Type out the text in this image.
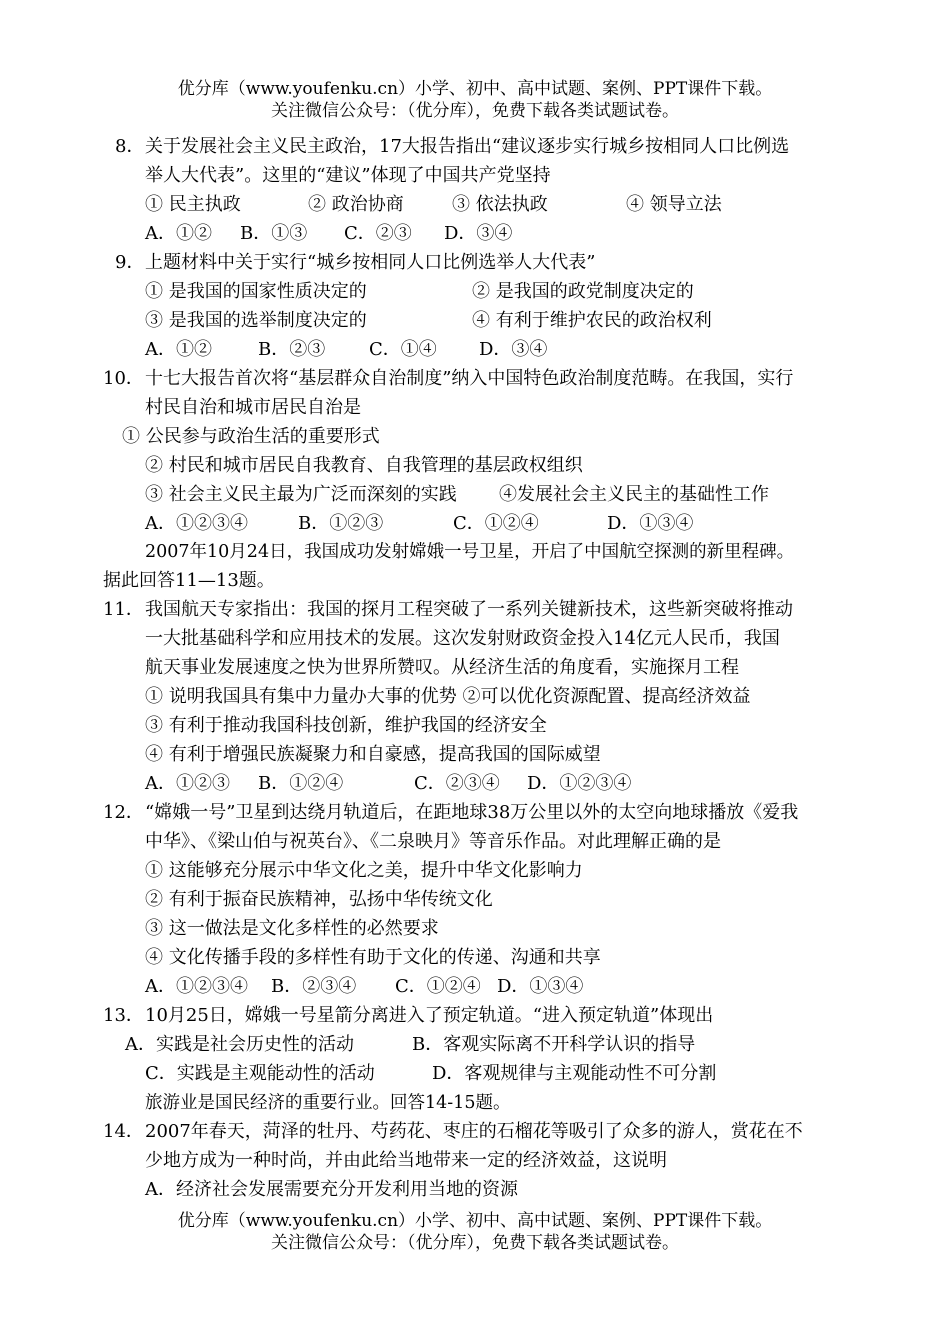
优分库（www.youfenku.cn）小学、初中、高中试题、案例、PPT课件下载。
关注微信公众号：（优分库），免费下载各类试题试卷。
8． 关于发展社会主义民主政治，17大报告指出“建议逐步实行城乡按相同人口比例选
举人大代表”。这里的“建议”体现了中国共产党坚持
① 民主执政	② 政治协商	③ 依法执政	④ 领导立法
A．①② B．①③ C．②③ D．③④
9． 上题材料中关于实行“城乡按相同人口比例选举人大代表”
① 是我国的国家性质决定的	② 是我国的政党制度决定的
③ 是我国的选举制度决定的	④ 有利于维护农民的政治权利
A．①②	B．②③ C．①④ D．③④
10． 十七大报告首次将“基层群众自治制度”纳入中国特色政治制度范畴。在我国，实行
村民自治和城市居民自治是
① 公民参与政治生活的重要形式
② 村民和城市居民自我教育、自我管理的基层政权组织
③ 社会主义民主最为广泛而深刻的实践 ④发展社会主义民主的基础性工作
A．①②③④	B．①②③	C．①②④	D．①③④
2007年10月24日，我国成功发射嫦娥一号卫星，开启了中国航空探测的新里程碑。
据此回答11—13题。
11． 我国航天专家指出：我国的探月工程突破了一系列关键新技术，这些新突破将推动
一大批基础科学和应用技术的发展。这次发射财政资金投入14亿元人民币，我国
航天事业发展速度之快为世界所赞叹。从经济生活的角度看，实施探月工程
① 说明我国具有集中力量办大事的优势 ②可以优化资源配置、提高经济效益
③ 有利于推动我国科技创新，维护我国的经济安全
④ 有利于增强民族凝聚力和自豪感，提高我国的国际威望
A．①②③ B．①②④	C．②③④ D．①②③④
12． “嫦娥一号”卫星到达绕月轨道后，在距地球38万公里以外的太空向地球播放《爱我
中华》、《梁山伯与祝英台》、《二泉映月》等音乐作品。对此理解正确的是
① 这能够充分展示中华文化之美，提升中华文化影响力
② 有利于振奋民族精神，弘扬中华传统文化
③ 这一做法是文化多样性的必然要求
④ 文化传播手段的多样性有助于文化的传递、沟通和共享
A．①②③④ B．②③④ C．①②④ D．①③④
13． 10月25日，嫦娥一号星箭分离进入了预定轨道。“进入预定轨道”体现出
A．实践是社会历史性的活动	B．客观实际离不开科学认识的指导
C．实践是主观能动性的活动	D．客观规律与主观能动性不可分割
旅游业是国民经济的重要行业。回答14-15题。
14． 2007年春天，菏泽的牡丹、芍药花、枣庄的石榴花等吸引了众多的游人，赏花在不
少地方成为一种时尚，并由此给当地带来一定的经济效益，这说明
A．经济社会发展需要充分开发利用当地的资源
优分库（www.youfenku.cn）小学、初中、高中试题、案例、PPT课件下载。
关注微信公众号：（优分库），免费下载各类试题试卷。
